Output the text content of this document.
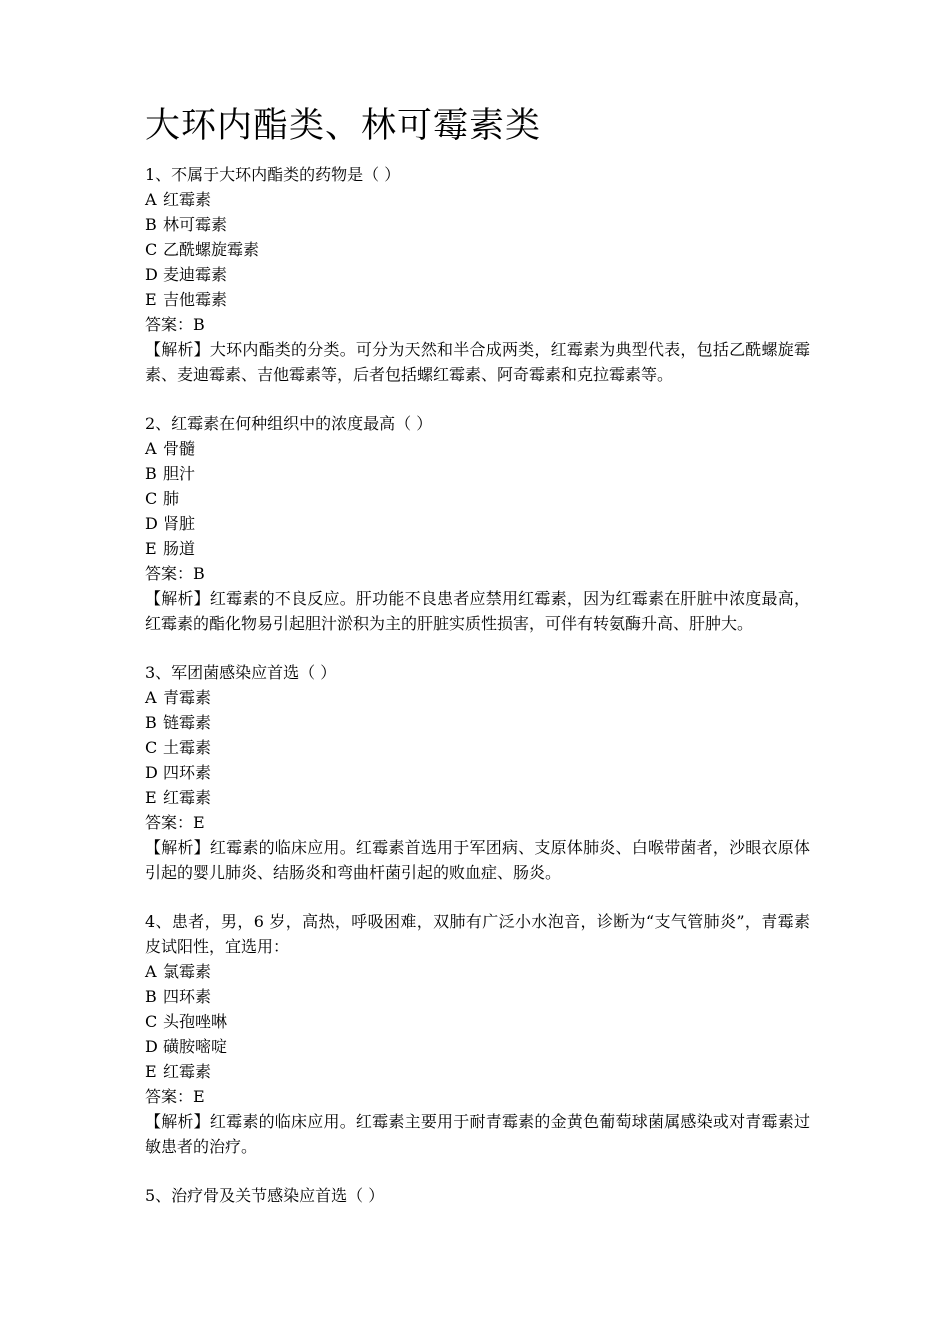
大环内酯类、林可霉素类

1、不属于大环内酯类的药物是（ ）

A 红霉素

B 林可霉素

C 乙酰螺旋霉素

D 麦迪霉素

E 吉他霉素

答案：B

【解析】大环内酯类的分类。可分为天然和半合成两类，红霉素为典型代表，包括乙酰螺旋霉素、麦迪霉素、吉他霉素等，后者包括螺红霉素、阿奇霉素和克拉霉素等。

2、红霉素在何种组织中的浓度最高（ ）

A 骨髓

B 胆汁

C 肺

D 肾脏

E 肠道

答案：B

【解析】红霉素的不良反应。肝功能不良患者应禁用红霉素，因为红霉素在肝脏中浓度最高，红霉素的酯化物易引起胆汁淤积为主的肝脏实质性损害，可伴有转氨酶升高、肝肿大。

3、军团菌感染应首选（ ）

A 青霉素

B 链霉素

C 土霉素

D 四环素

E 红霉素

答案：E

【解析】红霉素的临床应用。红霉素首选用于军团病、支原体肺炎、白喉带菌者，沙眼衣原体引起的婴儿肺炎、结肠炎和弯曲杆菌引起的败血症、肠炎。

4、患者，男，6 岁，高热，呼吸困难，双肺有广泛小水泡音，诊断为“支气管肺炎”，青霉素皮试阳性，宜选用：

A 氯霉素

B 四环素

C 头孢唑啉

D 磺胺嘧啶

E 红霉素

答案：E

【解析】红霉素的临床应用。红霉素主要用于耐青霉素的金黄色葡萄球菌属感染或对青霉素过敏患者的治疗。

5、治疗骨及关节感染应首选（ ）
